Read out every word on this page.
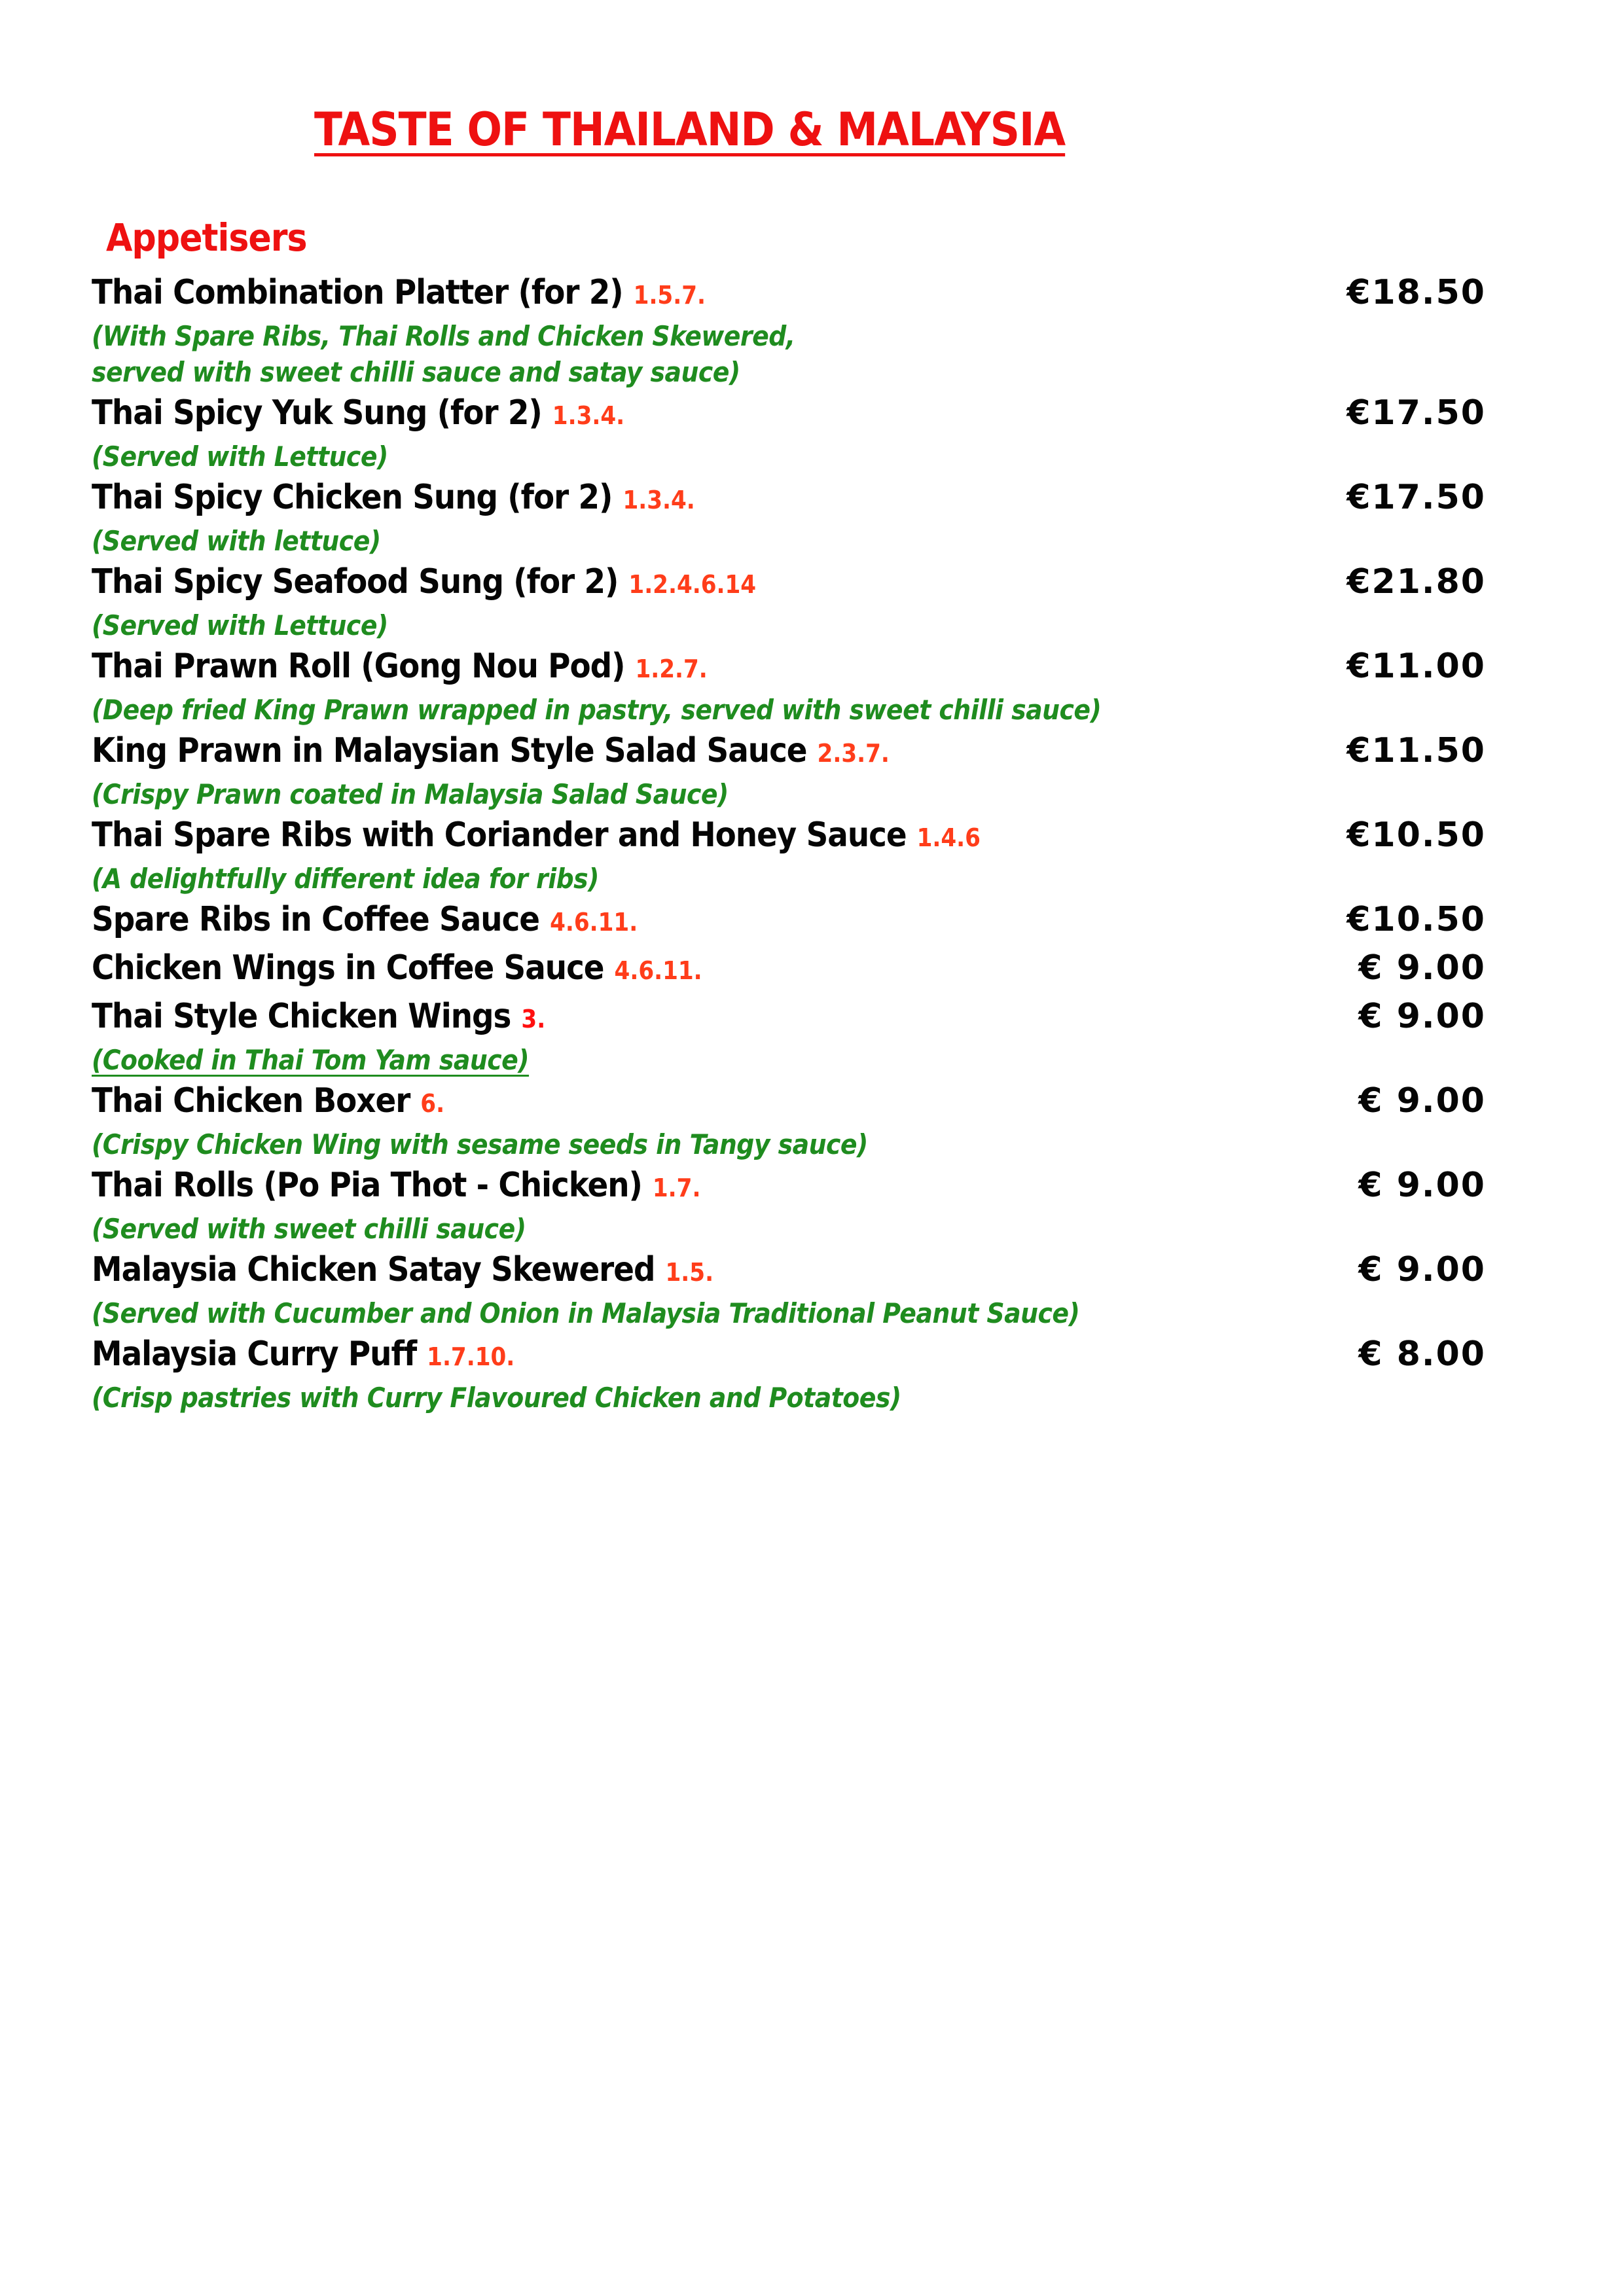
TASTE OF THAILAND & MALAYSIA
Appetisers
Thai Combination Platter (for 2) 1.5.7.	€18.50
(With Spare Ribs, Thai Rolls and Chicken Skewered,
served with sweet chilli sauce and satay sauce)
Thai Spicy Yuk Sung (for 2) 1.3.4.	€17.50
(Served with Lettuce)
Thai Spicy Chicken Sung (for 2) 1.3.4.	€17.50
(Served with lettuce)
Thai Spicy Seafood Sung (for 2) 1.2.4.6.14	€21.80
(Served with Lettuce)
Thai Prawn Roll (Gong Nou Pod) 1.2.7.	€11.00
(Deep fried King Prawn wrapped in pastry, served with sweet chilli sauce)
King Prawn in Malaysian Style Salad Sauce 2.3.7.	€11.50
(Crispy Prawn coated in Malaysia Salad Sauce)
Thai Spare Ribs with Coriander and Honey Sauce 1.4.6	€10.50
(A delightfully different idea for ribs)
Spare Ribs in Coffee Sauce 4.6.11.	€10.50
Chicken Wings in Coffee Sauce 4.6.11.	€ 9.00
Thai Style Chicken Wings 3.	€ 9.00
(Cooked in Thai Tom Yam sauce)
Thai Chicken Boxer 6.	€ 9.00
(Crispy Chicken Wing with sesame seeds in Tangy sauce)
Thai Rolls (Po Pia Thot - Chicken) 1.7.	€ 9.00
(Served with sweet chilli sauce)
Malaysia Chicken Satay Skewered 1.5.	€ 9.00
(Served with Cucumber and Onion in Malaysia Traditional Peanut Sauce)
Malaysia Curry Puff 1.7.10.	€ 8.00
(Crisp pastries with Curry Flavoured Chicken and Potatoes)
